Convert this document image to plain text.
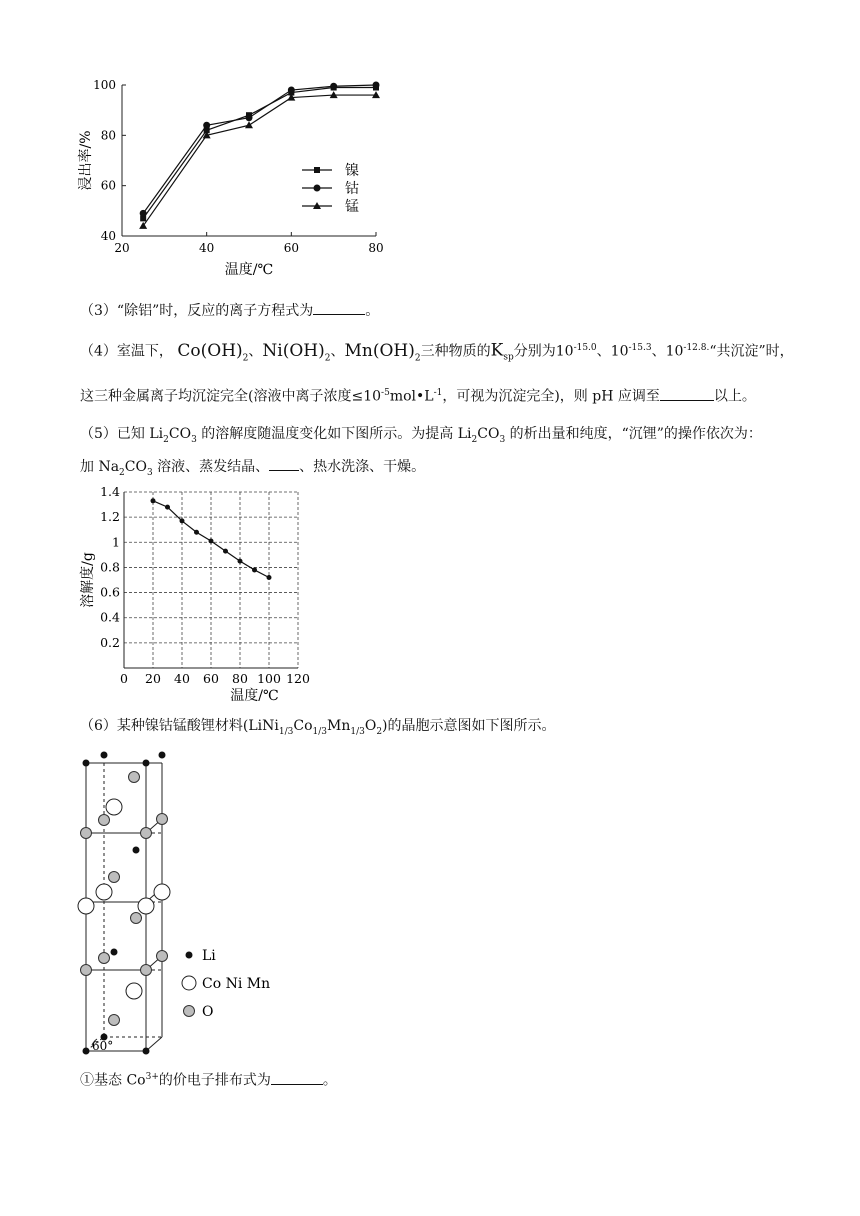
20	40	60	80
40
60
80
100
温度/℃
浸出率/%	镍
钴
锰
（3）“除铝”时，反应的离子方程式为	。
（4）室温下， $Co(OH)_2$、$Ni(OH)_2$、$Mn(OH)_2$三种物质的$K_{sp}$分别为$10^{-15.0}$、$10^{-15.3}$、$10^{-12.8.}“$共沉淀”时，
这三种金属离子均沉淀完全(溶液中离子浓度$\le 10^{-5}mol•L^{-1}$，可视为沉淀完全)，则 pH 应调至	以上。
（5）已知 $Li_2CO_3$ 的溶解度随温度变化如下图所示。为提高 $Li_2CO_3$ 的析出量和纯度，“沉锂”的操作依次为：
加 $Na_2CO_3$ 溶液、蒸发结晶、 、热水洗涤、干燥。
0 20 40 60 80 100 120
0.2
0.4
0.6
0.8
1
1.2
1.4
温度/℃
溶解度/g
（6）某种镍钴锰酸锂材料$(LiNi_{1/3}Co_{1/3}Mn_{1/3}O_2)$的晶胞示意图如下图所示。
60°
Li
Co Ni Mn
O
①基态 $Co^{3+}$的价电子排布式为	。
